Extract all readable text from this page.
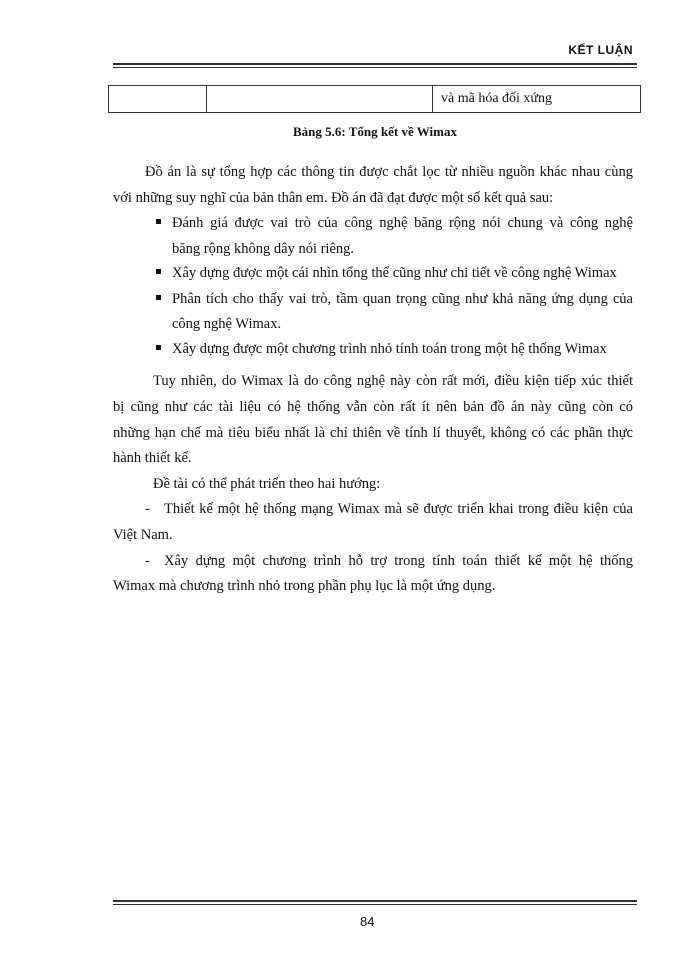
KẾT LUẬN
		và mã hóa đối xứng
Bảng 5.6: Tổng kết về Wimax
Đồ án là sự tổng hợp các thông tin được chắt lọc từ nhiều nguồn khác nhau cùng
với những suy nghĩ của bản thân em. Đồ án đã đạt được một số kết quả sau:
Đánh giá được vai trò của công nghệ băng rộng nói chung và công nghệ
băng rộng không dây nói riêng.
Xây dựng được một cái nhìn tổng thể cũng như chi tiết về công nghệ Wimax
Phân tích cho thấy vai trò, tầm quan trọng cũng như khả năng ứng dụng của
công nghệ Wimax.
Xây dựng được một chương trình nhỏ tính toán trong một hệ thống Wimax
Tuy nhiên, do Wimax là do công nghệ này còn rất mới, điều kiện tiếp xúc thiết
bị cũng như các tài liệu có hệ thống vẫn còn rất ít nên bản đồ án này cũng còn có
những hạn chế mà tiêu biểu nhất là chỉ thiên về tính lí thuyết, không có các phần thực
hành thiết kế.
Đề tài có thể phát triển theo hai hướng:
- Thiết kế một hệ thống mạng Wimax mà sẽ được triển khai trong điều kiện của
Việt Nam.
- Xây dựng một chương trình hỗ trợ trong tính toán thiết kế một hệ thống
Wimax mà chương trình nhỏ trong phần phụ lục là một ứng dụng.
84
